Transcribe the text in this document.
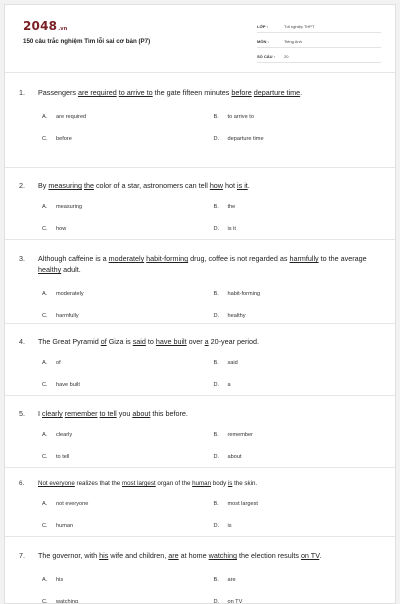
2048.vn
150 câu trắc nghiệm Tìm lỗi sai cơ bản (P7)
LỚP :	Tốt nghiệp THPT
MÔN :	Tiếng Anh
SỐ CÂU :	20
1.	Passengers are required to arrive to the gate fifteen minutes before departure time.
A.	are required	B.	to arrive to
C.	before	D.	departure time
2.	By measuring the color of a star, astronomers can tell how hot is it.
A.	measuring	B.	the
C.	how	D.	is it
3.	Although caffeine is a moderately habit-forming drug, coffee is not regarded as harmfully to the average healthy adult.
A.	moderately	B.	habit-forming
C.	harmfully	D.	healthy
4.	The Great Pyramid of Giza is said to have built over a 20-year period.
A.	of	B.	said
C.	have built	D.	a
5.	I clearly remember to tell you about this before.
A.	clearly	B.	remember
C.	to tell	D.	about
6.	Not everyone realizes that the most largest organ of the human body is the skin.
A.	not everyone	B.	most largest
C.	human	D.	is
7.	The governor, with his wife and children, are at home watching the election results on TV.
A.	his	B.	are
C.	watching	D.	on TV
